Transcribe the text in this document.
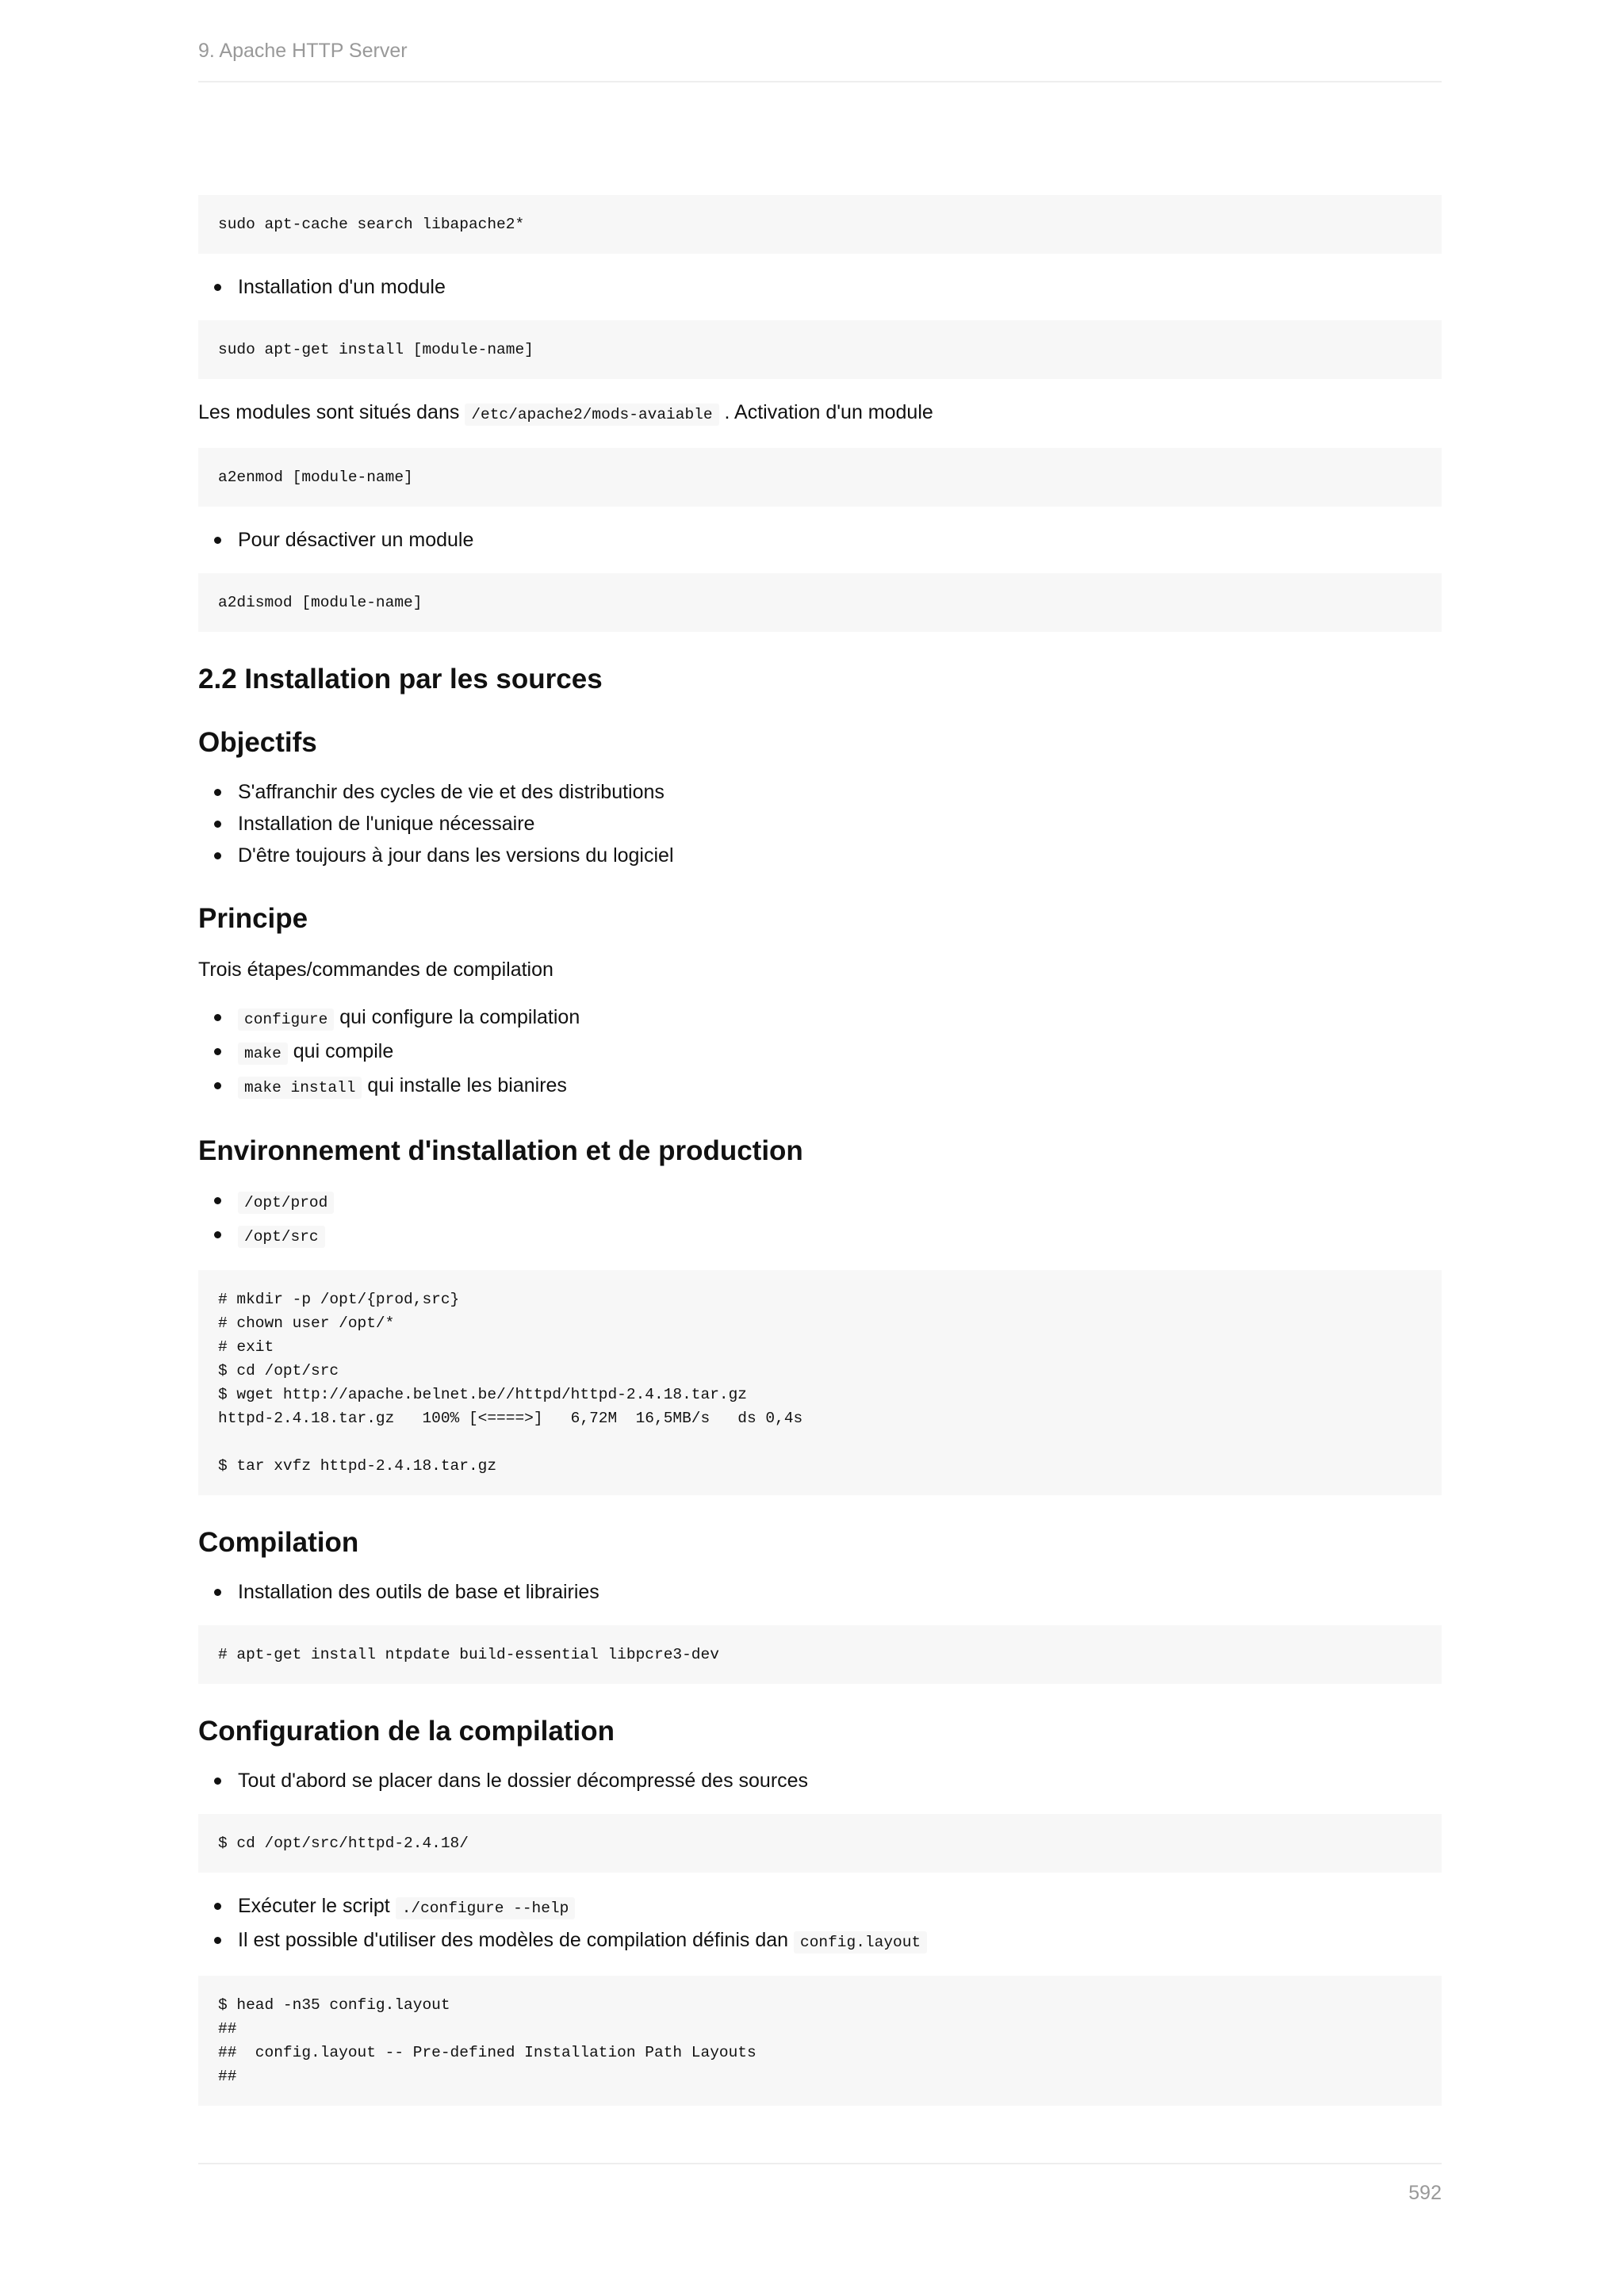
9. Apache HTTP Server
sudo apt-cache search libapache2*
Installation d'un module
sudo apt-get install [module-name]

Les modules sont situés dans /etc/apache2/mods-avaiable . Activation d'un module

a2enmod [module-name]
Pour désactiver un module
a2dismod [module-name]
2.2 Installation par les sources
Objectifs
S'affranchir des cycles de vie et des distributions
Installation de l'unique nécessaire
D'être toujours à jour dans les versions du logiciel
Principe

Trois étapes/commandes de compilation

configure qui configure la compilation
make qui compile
make install qui installe les bianires
Environnement d'installation et de production
/opt/prod
/opt/src
# mkdir -p /opt/{prod,src}
# chown user /opt/*
# exit
$ cd /opt/src
$ wget http://apache.belnet.be//httpd/httpd-2.4.18.tar.gz
httpd-2.4.18.tar.gz   100% [<====>]   6,72M  16,5MB/s   ds 0,4s

$ tar xvfz httpd-2.4.18.tar.gz
Compilation
Installation des outils de base et librairies
# apt-get install ntpdate build-essential libpcre3-dev
Configuration de la compilation
Tout d'abord se placer dans le dossier décompressé des sources
$ cd /opt/src/httpd-2.4.18/
Exécuter le script ./configure --help
Il est possible d'utiliser des modèles de compilation définis dan config.layout
$ head -n35 config.layout
##
##  config.layout -- Pre-defined Installation Path Layouts
##
592
